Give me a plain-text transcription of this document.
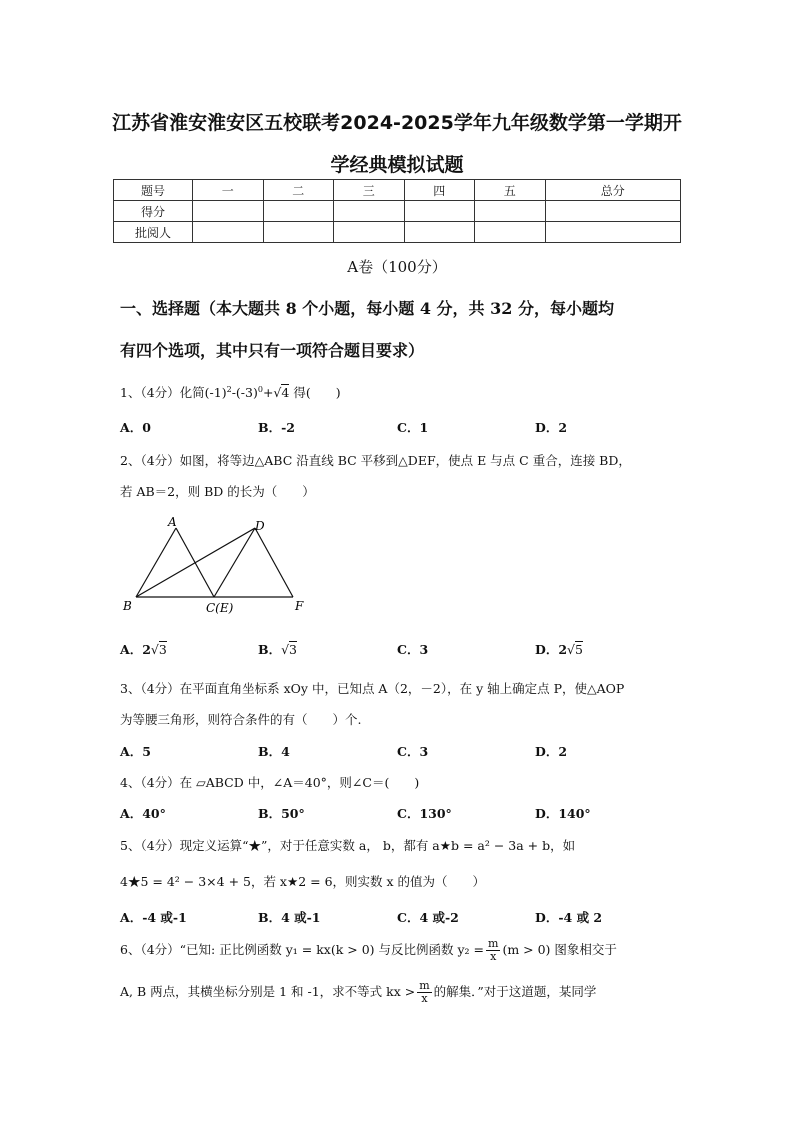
江苏省淮安淮安区五校联考2024-2025学年九年级数学第一学期开
学经典模拟试题
题号	一	二	三	四	五	总分
得分						
批阅人						
A卷（100分）
一、选择题（本大题共 8 个小题，每小题 4 分，共 32 分，每小题均
有四个选项，其中只有一项符合题目要求）
1、（4分）化简$(-1)^2-(-3)^0+√4$ 得(　　)
A．0	B．-2	C．1	D．2
2、（4分）如图，将等边△ABC 沿直线 BC 平移到△DEF，使点 E 与点 C 重合，连接 BD，
若 AB＝2，则 BD 的长为（　　）
A	D
B	C(E)	F
A．2√3	B．√3	C．3	D．2√5
3、（4分）在平面直角坐标系 xOy 中，已知点 A（2，－2），在 y 轴上确定点 P，使△AOP
为等腰三角形，则符合条件的有（　　）个.
A．5	B．4	C．3	D．2
4、（4分）在 ▱ABCD 中，∠A＝40°，则∠C＝(　　)
A．40°	B．50°	C．130°	D．140°
5、（4分）现定义运算“★”，对于任意实数 a， b，都有 a★b = a² − 3a + b，如
4★5 = 4² − 3×4 + 5，若 x★2 = 6，则实数 x 的值为（　　）
A．-4 或-1	B．4 或-1	C．4 或-2	D．-4 或 2
6、（4分）“已知: 正比例函数 y₁ = kx(k > 0) 与反比例函数 $y_2 = \frac{m}{x} (m > 0)$ 图象相交于
A, B 两点，其横坐标分别是 1 和 -1，求不等式 kx > $\frac{m}{x}$ 的解集．”对于这道题，某同学
